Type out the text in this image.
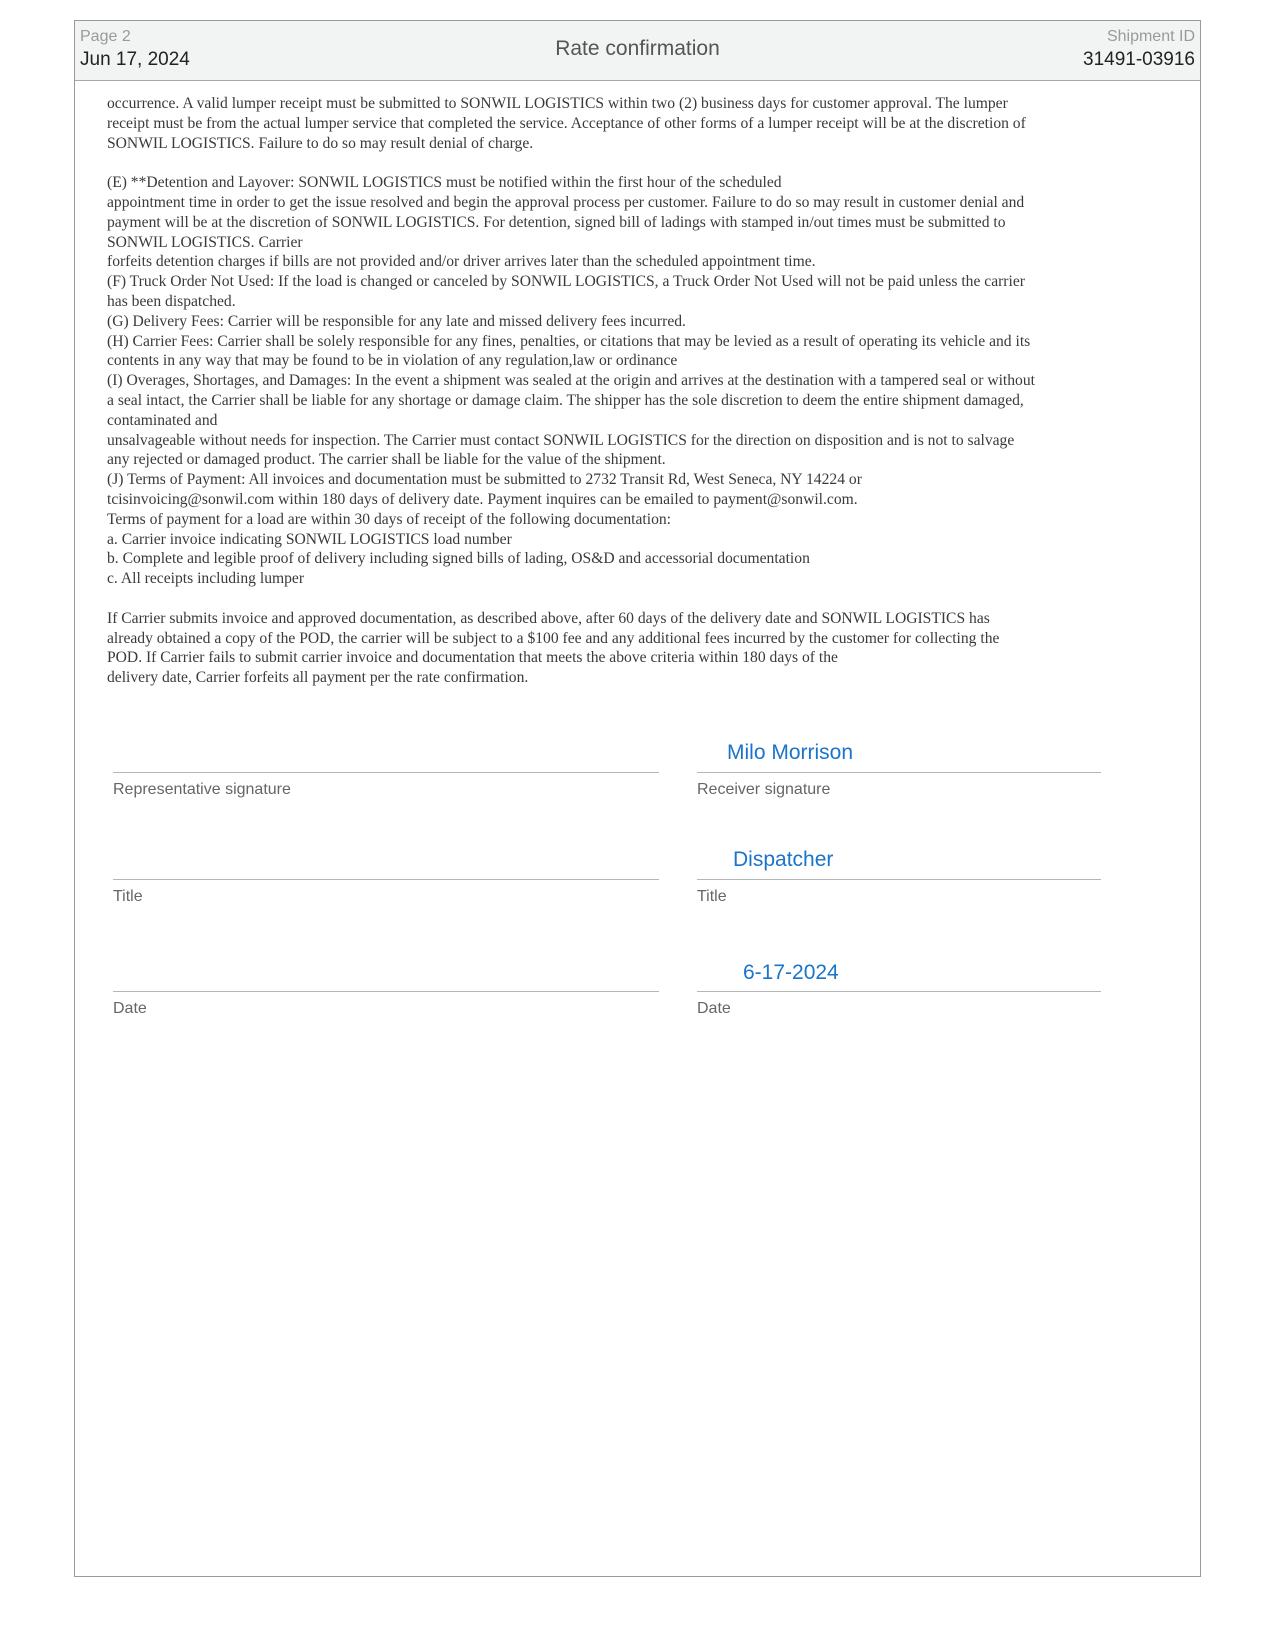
Page 2
Jun 17, 2024	Rate confirmation
Shipment ID
31491-03916
occurrence. A valid lumper receipt must be submitted to SONWIL LOGISTICS within two (2) business days for customer approval. The lumper
receipt must be from the actual lumper service that completed the service. Acceptance of other forms of a lumper receipt will be at the discretion of
SONWIL LOGISTICS. Failure to do so may result denial of charge.
(E) **Detention and Layover: SONWIL LOGISTICS must be notified within the first hour of the scheduled
appointment time in order to get the issue resolved and begin the approval process per customer. Failure to do so may result in customer denial and
payment will be at the discretion of SONWIL LOGISTICS. For detention, signed bill of ladings with stamped in/out times must be submitted to
SONWIL LOGISTICS. Carrier
forfeits detention charges if bills are not provided and/or driver arrives later than the scheduled appointment time.
(F) Truck Order Not Used: If the load is changed or canceled by SONWIL LOGISTICS, a Truck Order Not Used will not be paid unless the carrier
has been dispatched.
(G) Delivery Fees: Carrier will be responsible for any late and missed delivery fees incurred.
(H) Carrier Fees: Carrier shall be solely responsible for any fines, penalties, or citations that may be levied as a result of operating its vehicle and its
contents in any way that may be found to be in violation of any regulation,law or ordinance
(I) Overages, Shortages, and Damages: In the event a shipment was sealed at the origin and arrives at the destination with a tampered seal or without
a seal intact, the Carrier shall be liable for any shortage or damage claim. The shipper has the sole discretion to deem the entire shipment damaged,
contaminated and
unsalvageable without needs for inspection. The Carrier must contact SONWIL LOGISTICS for the direction on disposition and is not to salvage
any rejected or damaged product. The carrier shall be liable for the value of the shipment.
(J) Terms of Payment: All invoices and documentation must be submitted to 2732 Transit Rd, West Seneca, NY 14224 or
tcisinvoicing@sonwil.com within 180 days of delivery date. Payment inquires can be emailed to payment@sonwil.com.
Terms of payment for a load are within 30 days of receipt of the following documentation:
a. Carrier invoice indicating SONWIL LOGISTICS load number
b. Complete and legible proof of delivery including signed bills of lading, OS&D and accessorial documentation
c. All receipts including lumper
If Carrier submits invoice and approved documentation, as described above, after 60 days of the delivery date and SONWIL LOGISTICS has
already obtained a copy of the POD, the carrier will be subject to a $100 fee and any additional fees incurred by the customer for collecting the
POD. If Carrier fails to submit carrier invoice and documentation that meets the above criteria within 180 days of the
delivery date, Carrier forfeits all payment per the rate confirmation.
Representative signature
Milo Morrison
Receiver signature
Title
Dispatcher
Title
Date
6-17-2024
Date
